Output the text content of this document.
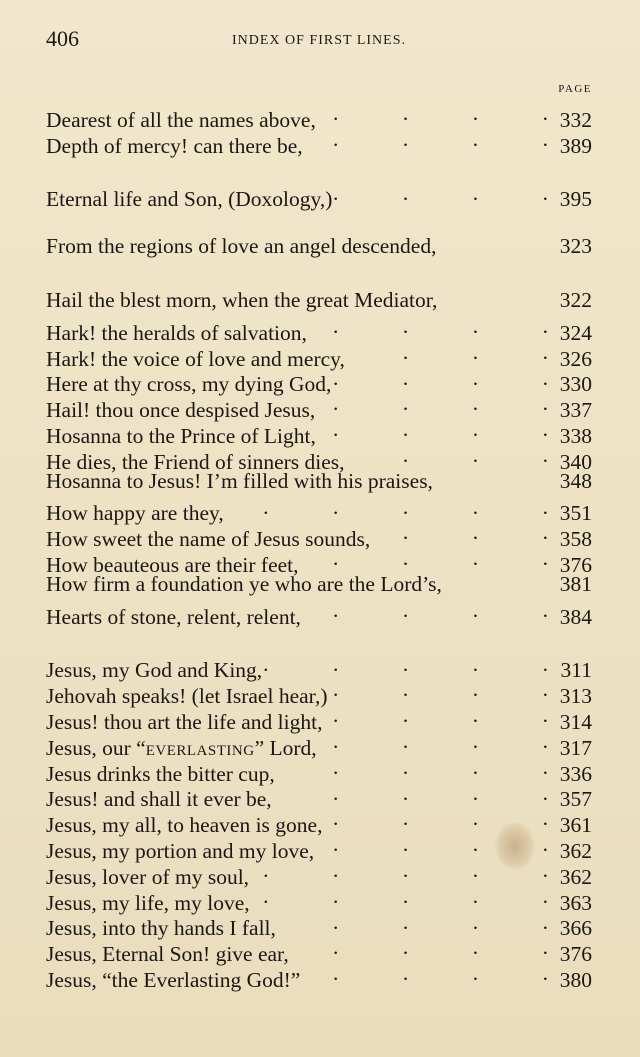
406	INDEX OF FIRST LINES.
PAGE
Dearest of all the names above, .	332
Depth of mercy! can there be, .	389
Eternal life and Son, (Doxology,) .	395
From the regions of love an angel descended,	323
Hail the blest morn, when the great Mediator,	322
Hark! the heralds of salvation, .	324
Hark! the voice of love and mercy, .	326
Here at thy cross, my dying God, .	330
Hail! thou once despised Jesus, .	337
Hosanna to the Prince of Light, .	338
He dies, the Friend of sinners dies, .	340
Hosanna to Jesus! I’m filled with his praises,	348
How happy are they, .	351
How sweet the name of Jesus sounds, .	358
How beauteous are their feet, .	376
How firm a foundation ye who are the Lord’s,	381
Hearts of stone, relent, relent, .	384
Jesus, my God and King, .	311
Jehovah speaks! (let Israel hear,) .	313
Jesus! thou art the life and light, .	314
Jesus, our “everlasting” Lord, .	317
Jesus drinks the bitter cup, .	336
Jesus! and shall it ever be, .	357
Jesus, my all, to heaven is gone, .	361
Jesus, my portion and my love, .	362
Jesus, lover of my soul, .	362
Jesus, my life, my love, .	363
Jesus, into thy hands I fall, .	366
Jesus, Eternal Son! give ear, .	376
Jesus, “the Everlasting God!” .	380
